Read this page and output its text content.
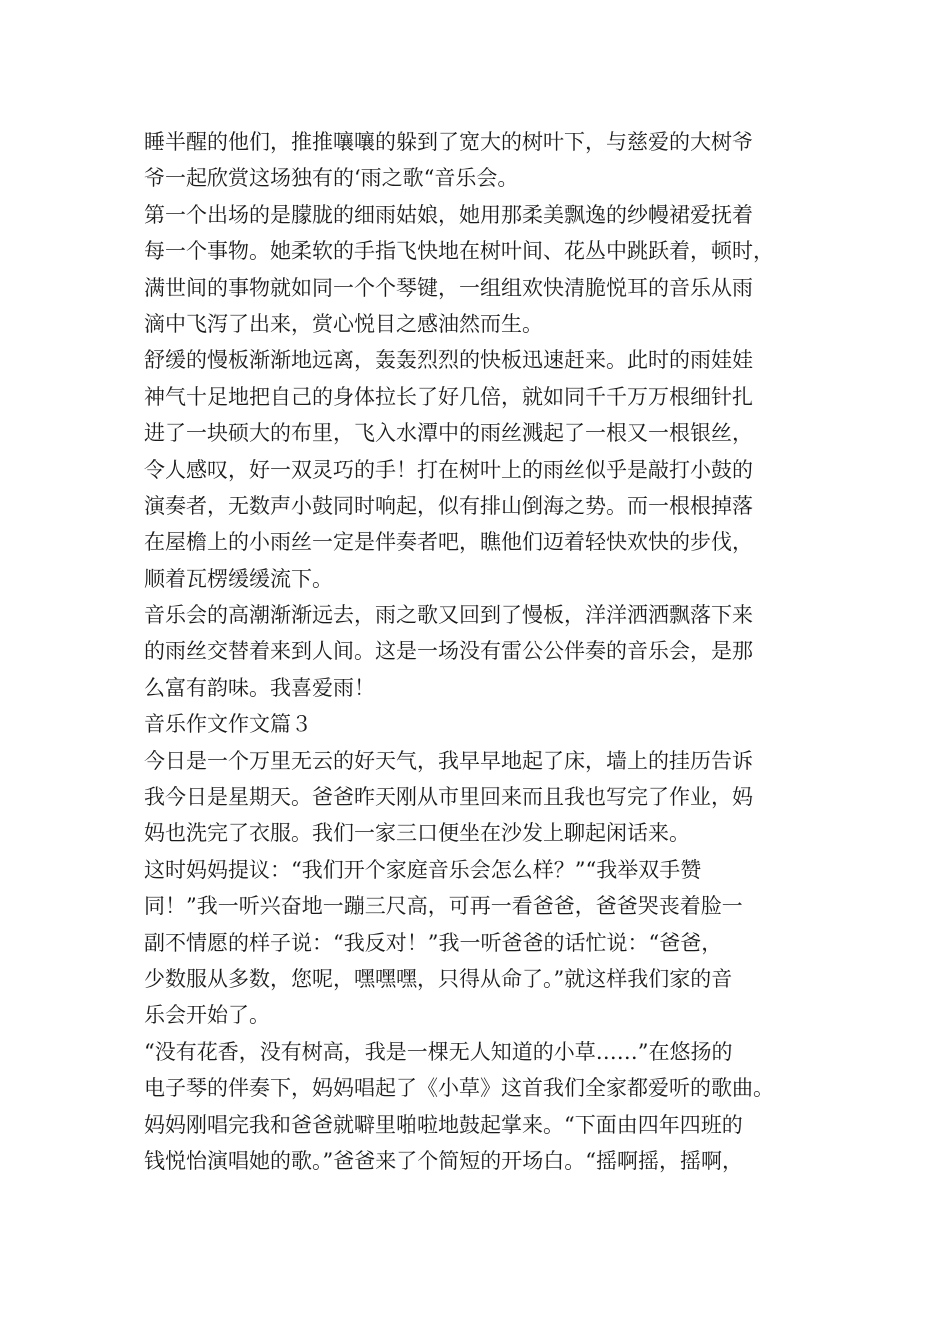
睡半醒的他们，推推嚷嚷的躲到了宽大的树叶下，与慈爱的大树爷
爷一起欣赏这场独有的‘雨之歌“音乐会。
第一个出场的是朦胧的细雨姑娘，她用那柔美飘逸的纱幔裙爱抚着
每一个事物。她柔软的手指飞快地在树叶间、花丛中跳跃着，顿时，
满世间的事物就如同一个个琴键，一组组欢快清脆悦耳的音乐从雨
滴中飞泻了出来，赏心悦目之感油然而生。
舒缓的慢板渐渐地远离，轰轰烈烈的快板迅速赶来。此时的雨娃娃
神气十足地把自己的身体拉长了好几倍，就如同千千万万根细针扎
进了一块硕大的布里，飞入水潭中的雨丝溅起了一根又一根银丝，
令人感叹，好一双灵巧的手！打在树叶上的雨丝似乎是敲打小鼓的
演奏者，无数声小鼓同时响起，似有排山倒海之势。而一根根掉落
在屋檐上的小雨丝一定是伴奏者吧，瞧他们迈着轻快欢快的步伐，
顺着瓦楞缓缓流下。
音乐会的高潮渐渐远去，雨之歌又回到了慢板，洋洋洒洒飘落下来
的雨丝交替着来到人间。这是一场没有雷公公伴奏的音乐会，是那
么富有韵味。我喜爱雨！
音乐作文作文篇３
今日是一个万里无云的好天气，我早早地起了床，墙上的挂历告诉
我今日是星期天。爸爸昨天刚从市里回来而且我也写完了作业，妈
妈也洗完了衣服。我们一家三口便坐在沙发上聊起闲话来。
这时妈妈提议：“我们开个家庭音乐会怎么样？”“我举双手赞
同！”我一听兴奋地一蹦三尺高，可再一看爸爸，爸爸哭丧着脸一
副不情愿的样子说：“我反对！”我一听爸爸的话忙说：“爸爸，
少数服从多数，您呢，嘿嘿嘿，只得从命了。”就这样我们家的音
乐会开始了。
“没有花香，没有树高，我是一棵无人知道的小草……”在悠扬的
电子琴的伴奏下，妈妈唱起了《小草》这首我们全家都爱听的歌曲。
妈妈刚唱完我和爸爸就噼里啪啦地鼓起掌来。“下面由四年四班的
钱悦怡演唱她的歌。”爸爸来了个简短的开场白。“摇啊摇，摇啊，
